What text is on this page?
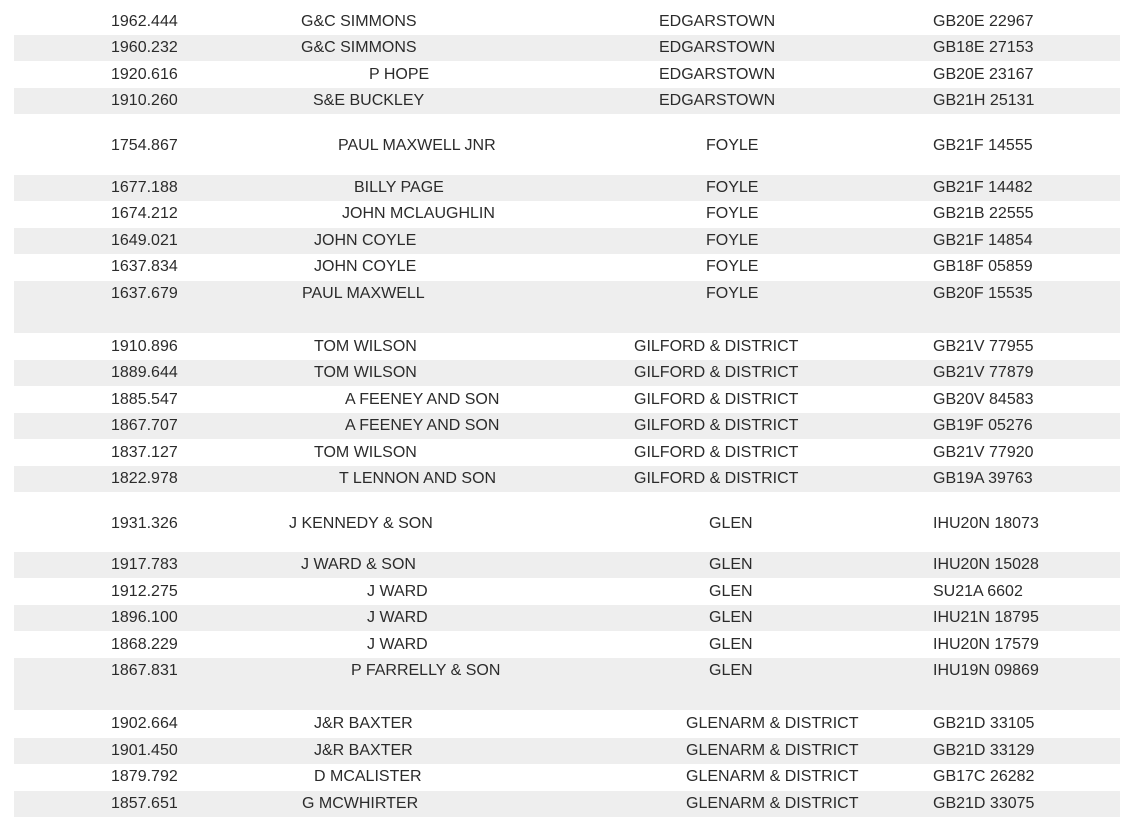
1962.444	G&C SIMMONS	EDGARSTOWN	GB20E 22967
1960.232	G&C SIMMONS	EDGARSTOWN	GB18E 27153
1920.616	P HOPE	EDGARSTOWN	GB20E 23167
1910.260	S&E BUCKLEY	EDGARSTOWN	GB21H 25131
1754.867	PAUL MAXWELL JNR	FOYLE	GB21F 14555
1677.188	BILLY PAGE	FOYLE	GB21F 14482
1674.212	JOHN MCLAUGHLIN	FOYLE	GB21B 22555
1649.021	JOHN COYLE	FOYLE	GB21F 14854
1637.834	JOHN COYLE	FOYLE	GB18F 05859
1637.679	PAUL MAXWELL	FOYLE	GB20F 15535
1910.896	TOM WILSON	GILFORD & DISTRICT	GB21V 77955
1889.644	TOM WILSON	GILFORD & DISTRICT	GB21V 77879
1885.547	A FEENEY AND SON	GILFORD & DISTRICT	GB20V 84583
1867.707	A FEENEY AND SON	GILFORD & DISTRICT	GB19F 05276
1837.127	TOM WILSON	GILFORD & DISTRICT	GB21V 77920
1822.978	T LENNON AND SON	GILFORD & DISTRICT	GB19A 39763
1931.326	J KENNEDY & SON	GLEN	IHU20N 18073
1917.783	J WARD & SON	GLEN	IHU20N 15028
1912.275	J WARD	GLEN	SU21A 6602
1896.100	J WARD	GLEN	IHU21N 18795
1868.229	J WARD	GLEN	IHU20N 17579
1867.831	P FARRELLY & SON	GLEN	IHU19N 09869
1902.664	J&R BAXTER	GLENARM & DISTRICT	GB21D 33105
1901.450	J&R BAXTER	GLENARM & DISTRICT	GB21D 33129
1879.792	D MCALISTER	GLENARM & DISTRICT	GB17C 26282
1857.651	G MCWHIRTER	GLENARM & DISTRICT	GB21D 33075
